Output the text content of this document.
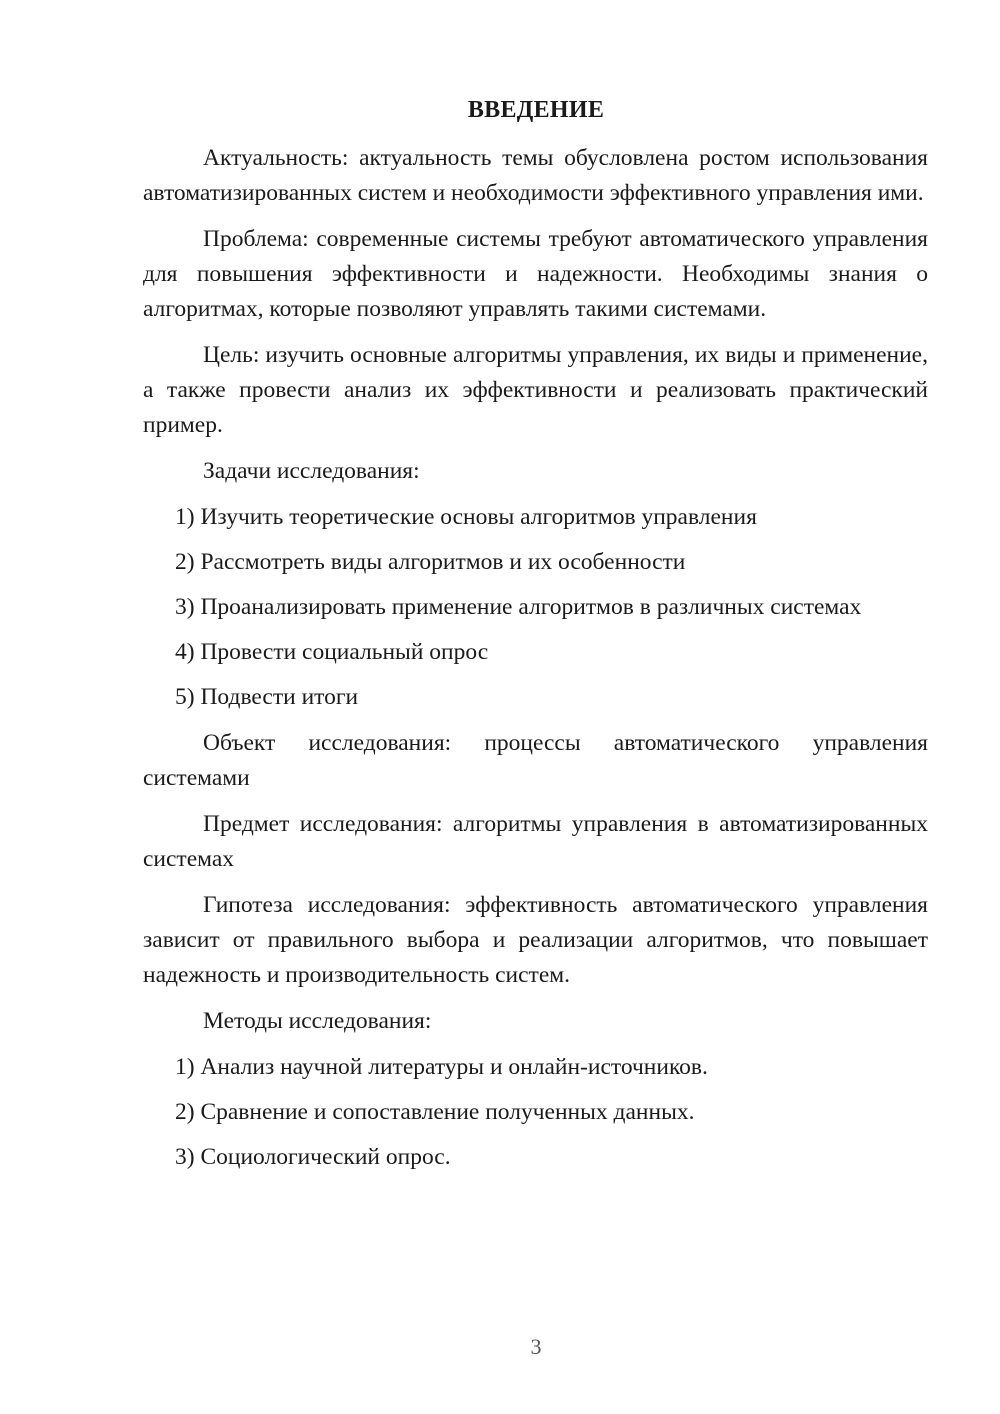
ВВЕДЕНИЕ

Актуальность: актуальность темы обусловлена ростом использования автоматизированных систем и необходимости эффективного управления ими.

Проблема: современные системы требуют автоматического управления для повышения эффективности и надежности. Необходимы знания о алгоритмах, которые позволяют управлять такими системами.

Цель: изучить основные алгоритмы управления, их виды и применение, а также провести анализ их эффективности и реализовать практический пример.

Задачи исследования:

1) Изучить теоретические основы алгоритмов управления
2) Рассмотреть виды алгоритмов и их особенности
3) Проанализировать применение алгоритмов в различных системах
4) Провести социальный опрос
5) Подвести итоги

Объект исследования: процессы автоматического управления системами

Предмет исследования: алгоритмы управления в автоматизированных системах

Гипотеза исследования: эффективность автоматического управления зависит от правильного выбора и реализации алгоритмов, что повышает надежность и производительность систем.

Методы исследования:

1) Анализ научной литературы и онлайн-источников.
2) Сравнение и сопоставление полученных данных.
3) Социологический опрос.
3
